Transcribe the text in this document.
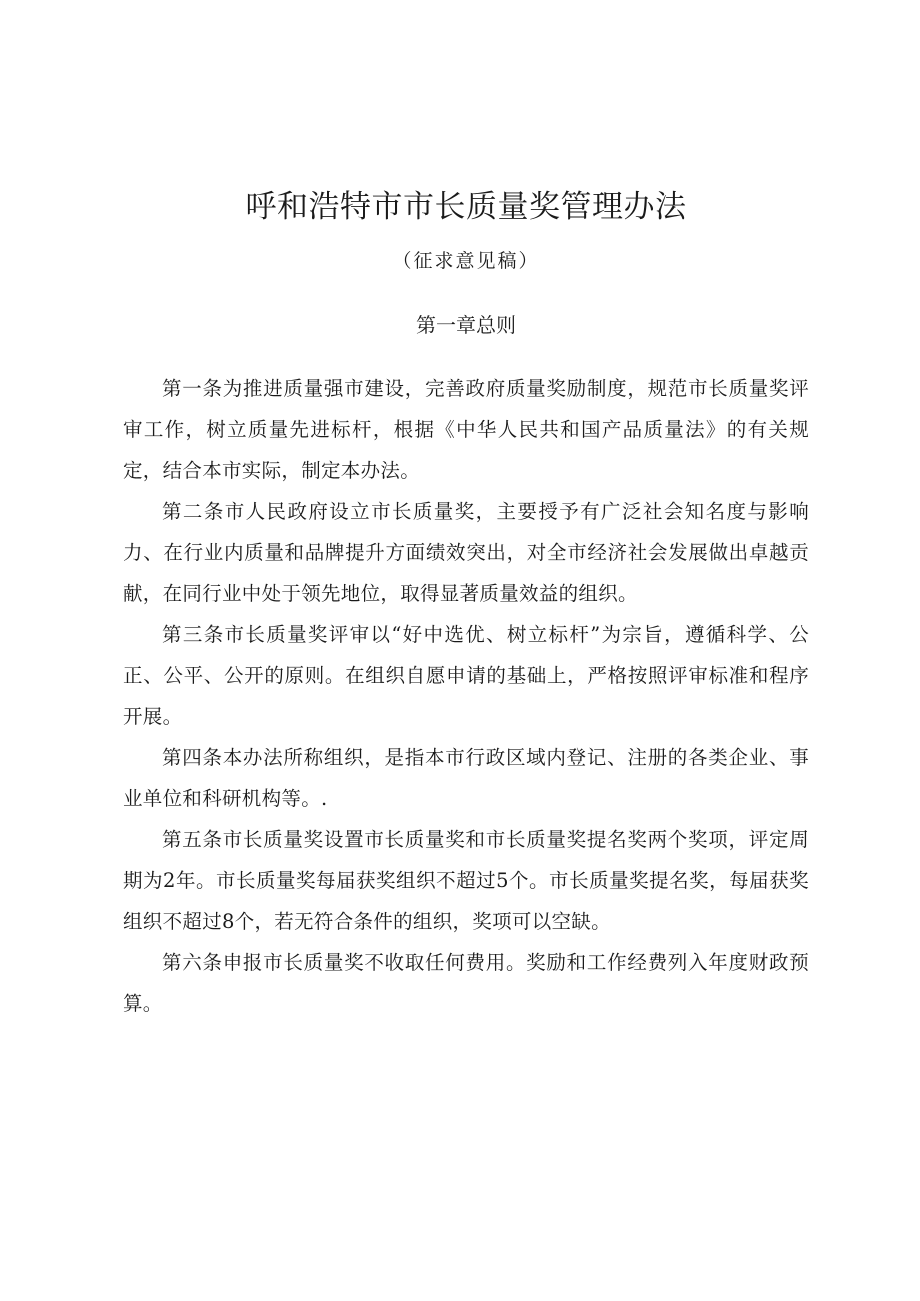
呼和浩特市市长质量奖管理办法
（征求意见稿）
第一章总则

第一条为推进质量强市建设，完善政府质量奖励制度，规范市长质量奖评审工作，树立质量先进标杆，根据《中华人民共和国产品质量法》的有关规定，结合本市实际，制定本办法。

第二条市人民政府设立市长质量奖，主要授予有广泛社会知名度与影响力、在行业内质量和品牌提升方面绩效突出，对全市经济社会发展做出卓越贡献，在同行业中处于领先地位，取得显著质量效益的组织。

第三条市长质量奖评审以“好中选优、树立标杆”为宗旨，遵循科学、公正、公平、公开的原则。在组织自愿申请的基础上，严格按照评审标准和程序开展。

第四条本办法所称组织，是指本市行政区域内登记、注册的各类企业、事业单位和科研机构等。.

第五条市长质量奖设置市长质量奖和市长质量奖提名奖两个奖项，评定周期为2年。市长质量奖每届获奖组织不超过5个。市长质量奖提名奖，每届获奖组织不超过8个，若无符合条件的组织，奖项可以空缺。

第六条申报市长质量奖不收取任何费用。奖励和工作经费列入年度财政预算。
